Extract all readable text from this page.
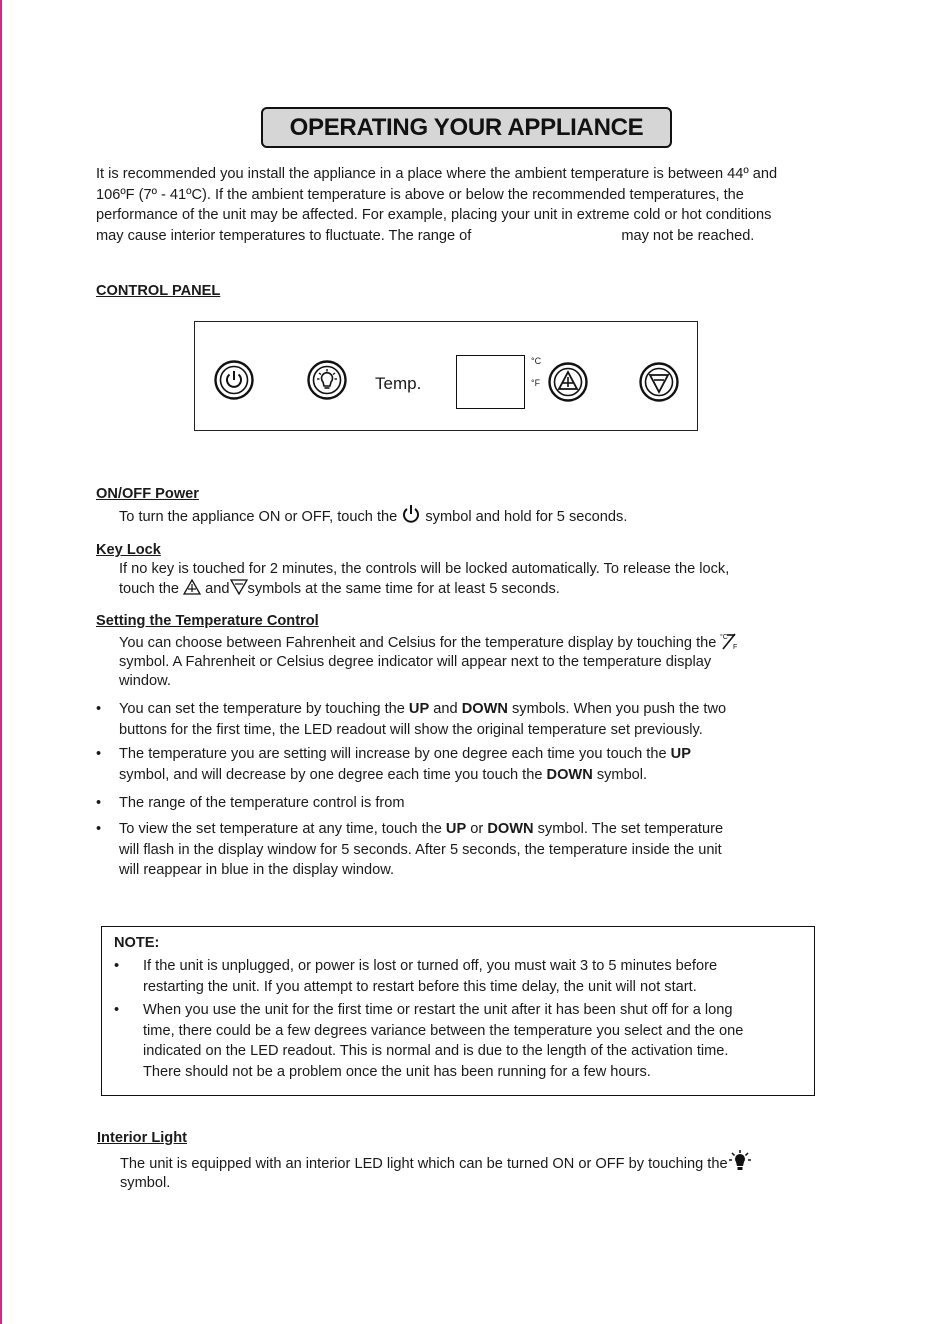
OPERATING YOUR APPLIANCE

It is recommended you install the appliance in a place where the ambient temperature is between 44º and
106ºF (7º - 41ºC). If the ambient temperature is above or below the recommended temperatures, the
performance of the unit may be affected. For example, placing your unit in extreme cold or hot conditions
may cause interior temperatures to fluctuate. The range of	may not be reached.

CONTROL PANEL

Temp.
°C
°F

ON/OFF Power

To turn the appliance ON or OFF, touch the symbol and hold for 5 seconds.

Key Lock

If no key is touched for 2 minutes, the controls will be locked automatically. To release the lock,
touch the and symbols at the same time for at least 5 seconds.

Setting the Temperature Control

You can choose between Fahrenheit and Celsius for the temperature display by touching the °C
F

symbol. A Fahrenheit or Celsius degree indicator will appear next to the temperature display
window.

• You can set the temperature by touching the UP and DOWN symbols. When you push the two
buttons for the first time, the LED readout will show the original temperature set previously.
• The temperature you are setting will increase by one degree each time you touch the UP
symbol, and will decrease by one degree each time you touch the DOWN symbol.
• The range of the temperature control is from
• To view the set temperature at any time, touch the UP or DOWN symbol. The set temperature
will flash in the display window for 5 seconds. After 5 seconds, the temperature inside the unit
will reappear in blue in the display window.
NOTE:
• If the unit is unplugged, or power is lost or turned off, you must wait 3 to 5 minutes before
restarting the unit. If you attempt to restart before this time delay, the unit will not start.
• When you use the unit for the first time or restart the unit after it has been shut off for a long
time, there could be a few degrees variance between the temperature you select and the one
indicated on the LED readout. This is normal and is due to the length of the activation time.
There should not be a problem once the unit has been running for a few hours.

Interior Light

The unit is equipped with an interior LED light which can be turned ON or OFF by touching the
symbol.
